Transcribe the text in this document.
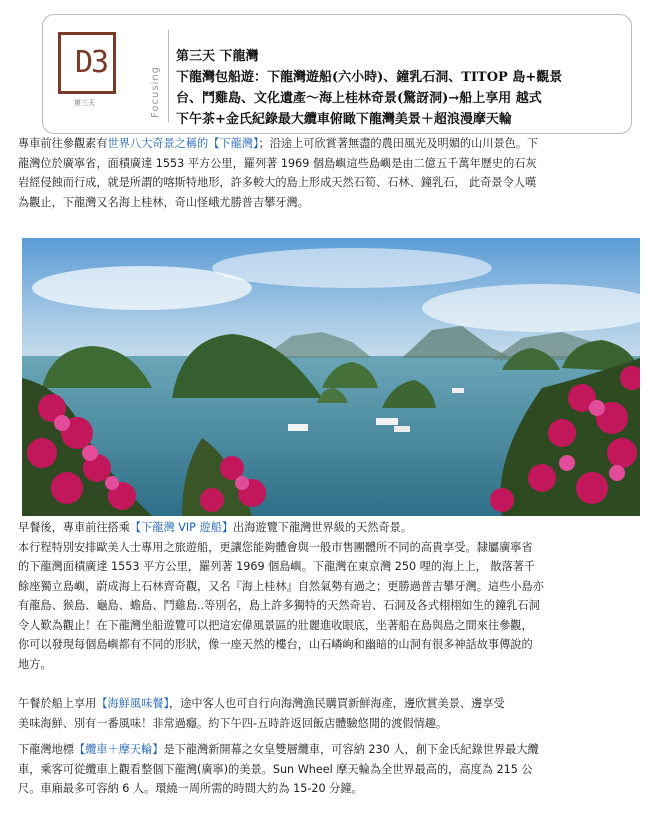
D3
第三天	Focusing
第三天 下龍灣
下龍灣包船遊：下龍灣遊船(六小時)、鐘乳石洞、TITOP 島+觀景
台、鬥雞島、文化遺產～海上桂林奇景(驚訝洞)→船上享用 越式
下午茶+金氏紀錄最大纜車俯瞰下龍灣美景＋超浪漫摩天輪
專車前往參觀素有世界八大奇景之稱的【下龍灣】；沿途上可欣賞著無盡的農田風光及明媚的山川景色。下
龍灣位於廣寧省，面積廣達 1553 平方公里，羅列著 1969 個島嶼這些島嶼是由二億五千萬年歷史的石灰
岩經侵蝕而行成，就是所謂的喀斯特地形，許多較大的島上形成天然石筍、石林、鐘乳石， 此奇景令人嘆
為觀止，下龍灣又名海上桂林，奇山怪峨尤勝普吉攀牙灣。
早餐後，專車前往搭乘【下龍灣 VIP 遊船】出海遊覽下龍灣世界級的天然奇景。
本行程特別安排歐美人士專用之旅遊船，更讓您能夠體會與一般市售團體所不同的高貴享受。隸屬廣寧省
的下龍灣面積廣達 1553 平方公里，羅列著 1969 個島嶼。下龍灣在東京灣 250 哩的海上上， 散落著千
餘座獨立島嶼，蔚成海上石林齊奇觀，又名『海上桂林』自然氣勢有過之；更勝過普吉攀牙灣。這些小島亦
有龍島、猴島、龜島、蟾島、鬥雞島..等別名，島上許多獨特的天然奇岩、石洞及各式栩栩如生的鐘乳石洞
令人歎為觀止！在下龍灣坐船遊覽可以把這宏偉風景區的壯麗進收眼底，坐著船在島與島之間來往參觀，
你可以發現每個島嶼都有不同的形狀，像一座天然的樓台，山石嶙峋和幽暗的山洞有很多神話故事傳說的
地方。
午餐於船上享用【海鮮風味餐】，途中客人也可自行向海灣漁民購買新鮮海產，邊欣賞美景、邊享受
美味海鮮、別有一番風味！非常過癮。約下午四-五時許返回飯店體驗悠閒的渡假情趣。
下龍灣地標【纜車＋摩天輪】是下龍灣新開幕之女皇雙層纜車，可容納 230 人，創下金氏紀錄世界最大纜
車，乘客可從纜車上觀看整個下龍灣(廣寧)的美景。Sun Wheel 摩天輪為全世界最高的，高度為 215 公
尺。車廂最多可容納 6 人。環繞一周所需的時間大約為 15-20 分鐘。
